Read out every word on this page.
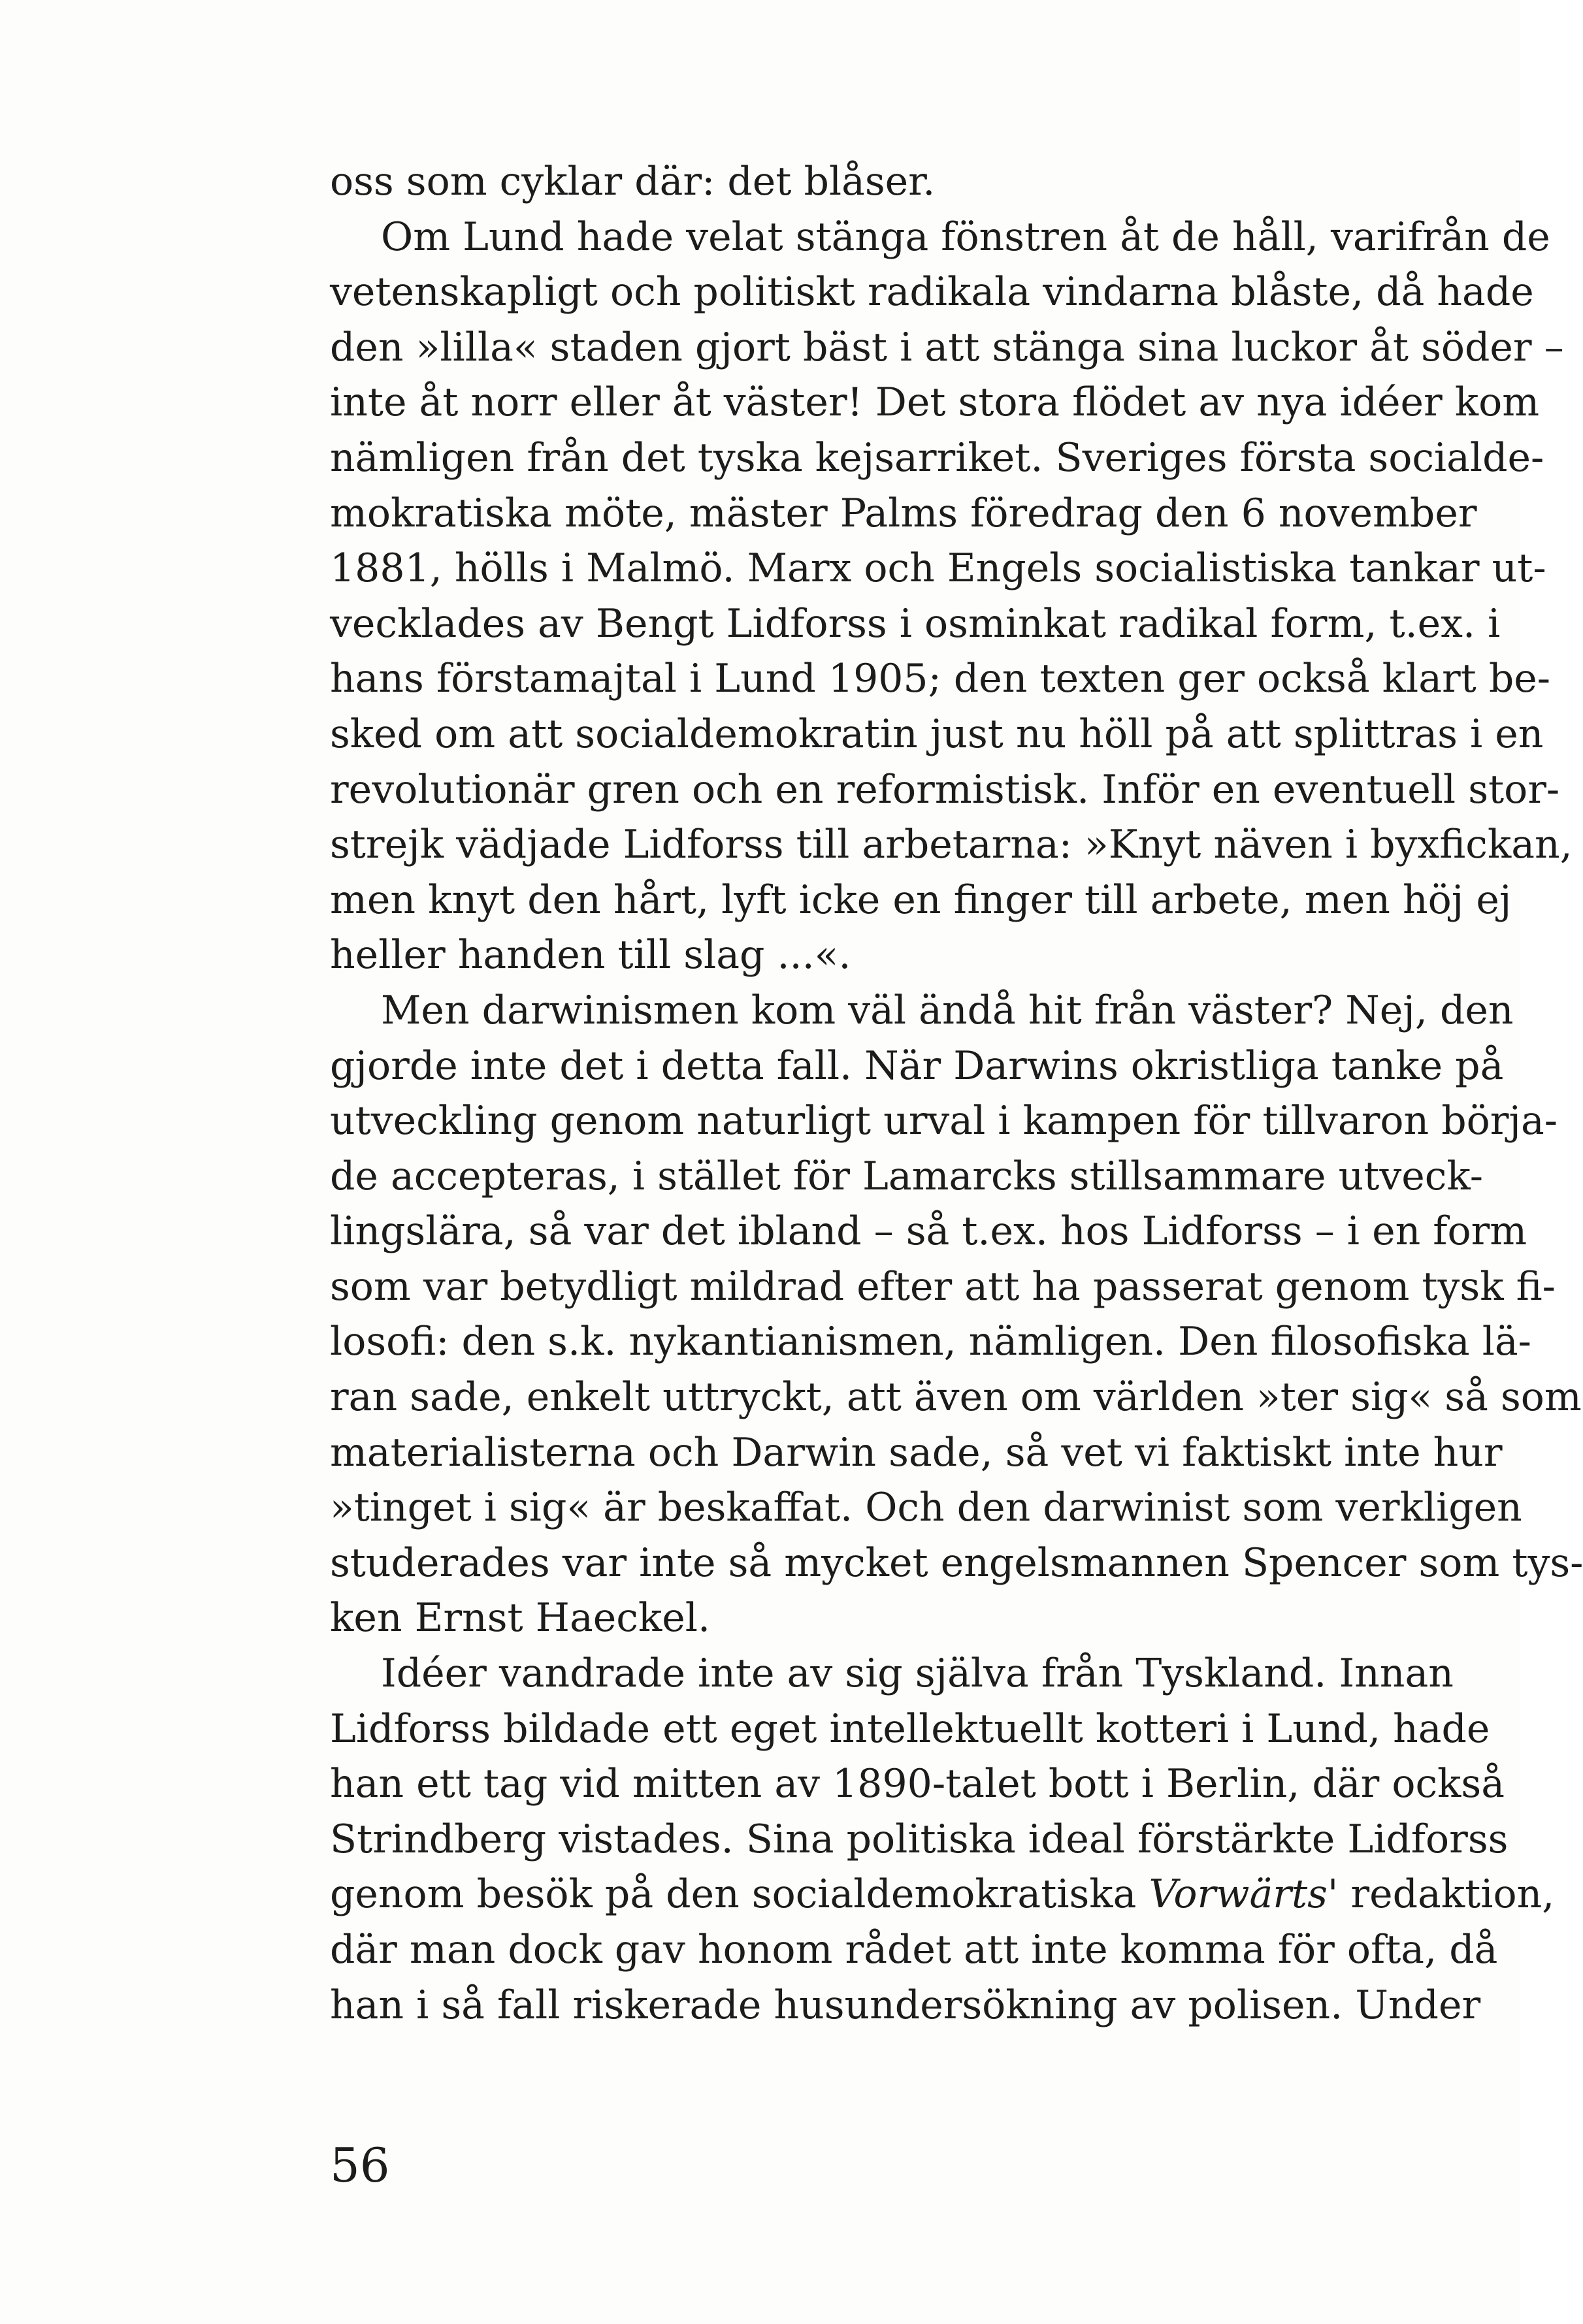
oss som cyklar där: det blåser.
Om Lund hade velat stänga fönstren åt de håll, varifrån de
vetenskapligt och politiskt radikala vindarna blåste, då hade
den »lilla« staden gjort bäst i att stänga sina luckor åt söder –
inte åt norr eller åt väster! Det stora flödet av nya idéer kom
nämligen från det tyska kejsarriket. Sveriges första socialde-
mokratiska möte, mäster Palms föredrag den 6 november
1881, hölls i Malmö. Marx och Engels socialistiska tankar ut-
vecklades av Bengt Lidforss i osminkat radikal form, t.ex. i
hans förstamajtal i Lund 1905; den texten ger också klart be-
sked om att socialdemokratin just nu höll på att splittras i en
revolutionär gren och en reformistisk. Inför en eventuell stor-
strejk vädjade Lidforss till arbetarna: »Knyt näven i byxfickan,
men knyt den hårt, lyft icke en finger till arbete, men höj ej
heller handen till slag ...«.
Men darwinismen kom väl ändå hit från väster? Nej, den
gjorde inte det i detta fall. När Darwins okristliga tanke på
utveckling genom naturligt urval i kampen för tillvaron börja-
de accepteras, i stället för Lamarcks stillsammare utveck-
lingslära, så var det ibland – så t.ex. hos Lidforss – i en form
som var betydligt mildrad efter att ha passerat genom tysk fi-
losofi: den s.k. nykantianismen, nämligen. Den filosofiska lä-
ran sade, enkelt uttryckt, att även om världen »ter sig« så som
materialisterna och Darwin sade, så vet vi faktiskt inte hur
»tinget i sig« är beskaffat. Och den darwinist som verkligen
studerades var inte så mycket engelsmannen Spencer som tys-
ken Ernst Haeckel.
Idéer vandrade inte av sig själva från Tyskland. Innan
Lidforss bildade ett eget intellektuellt kotteri i Lund, hade
han ett tag vid mitten av 1890-talet bott i Berlin, där också
Strindberg vistades. Sina politiska ideal förstärkte Lidforss
genom besök på den socialdemokratiska Vorwärts' redaktion,
där man dock gav honom rådet att inte komma för ofta, då
han i så fall riskerade husundersökning av polisen. Under
56
